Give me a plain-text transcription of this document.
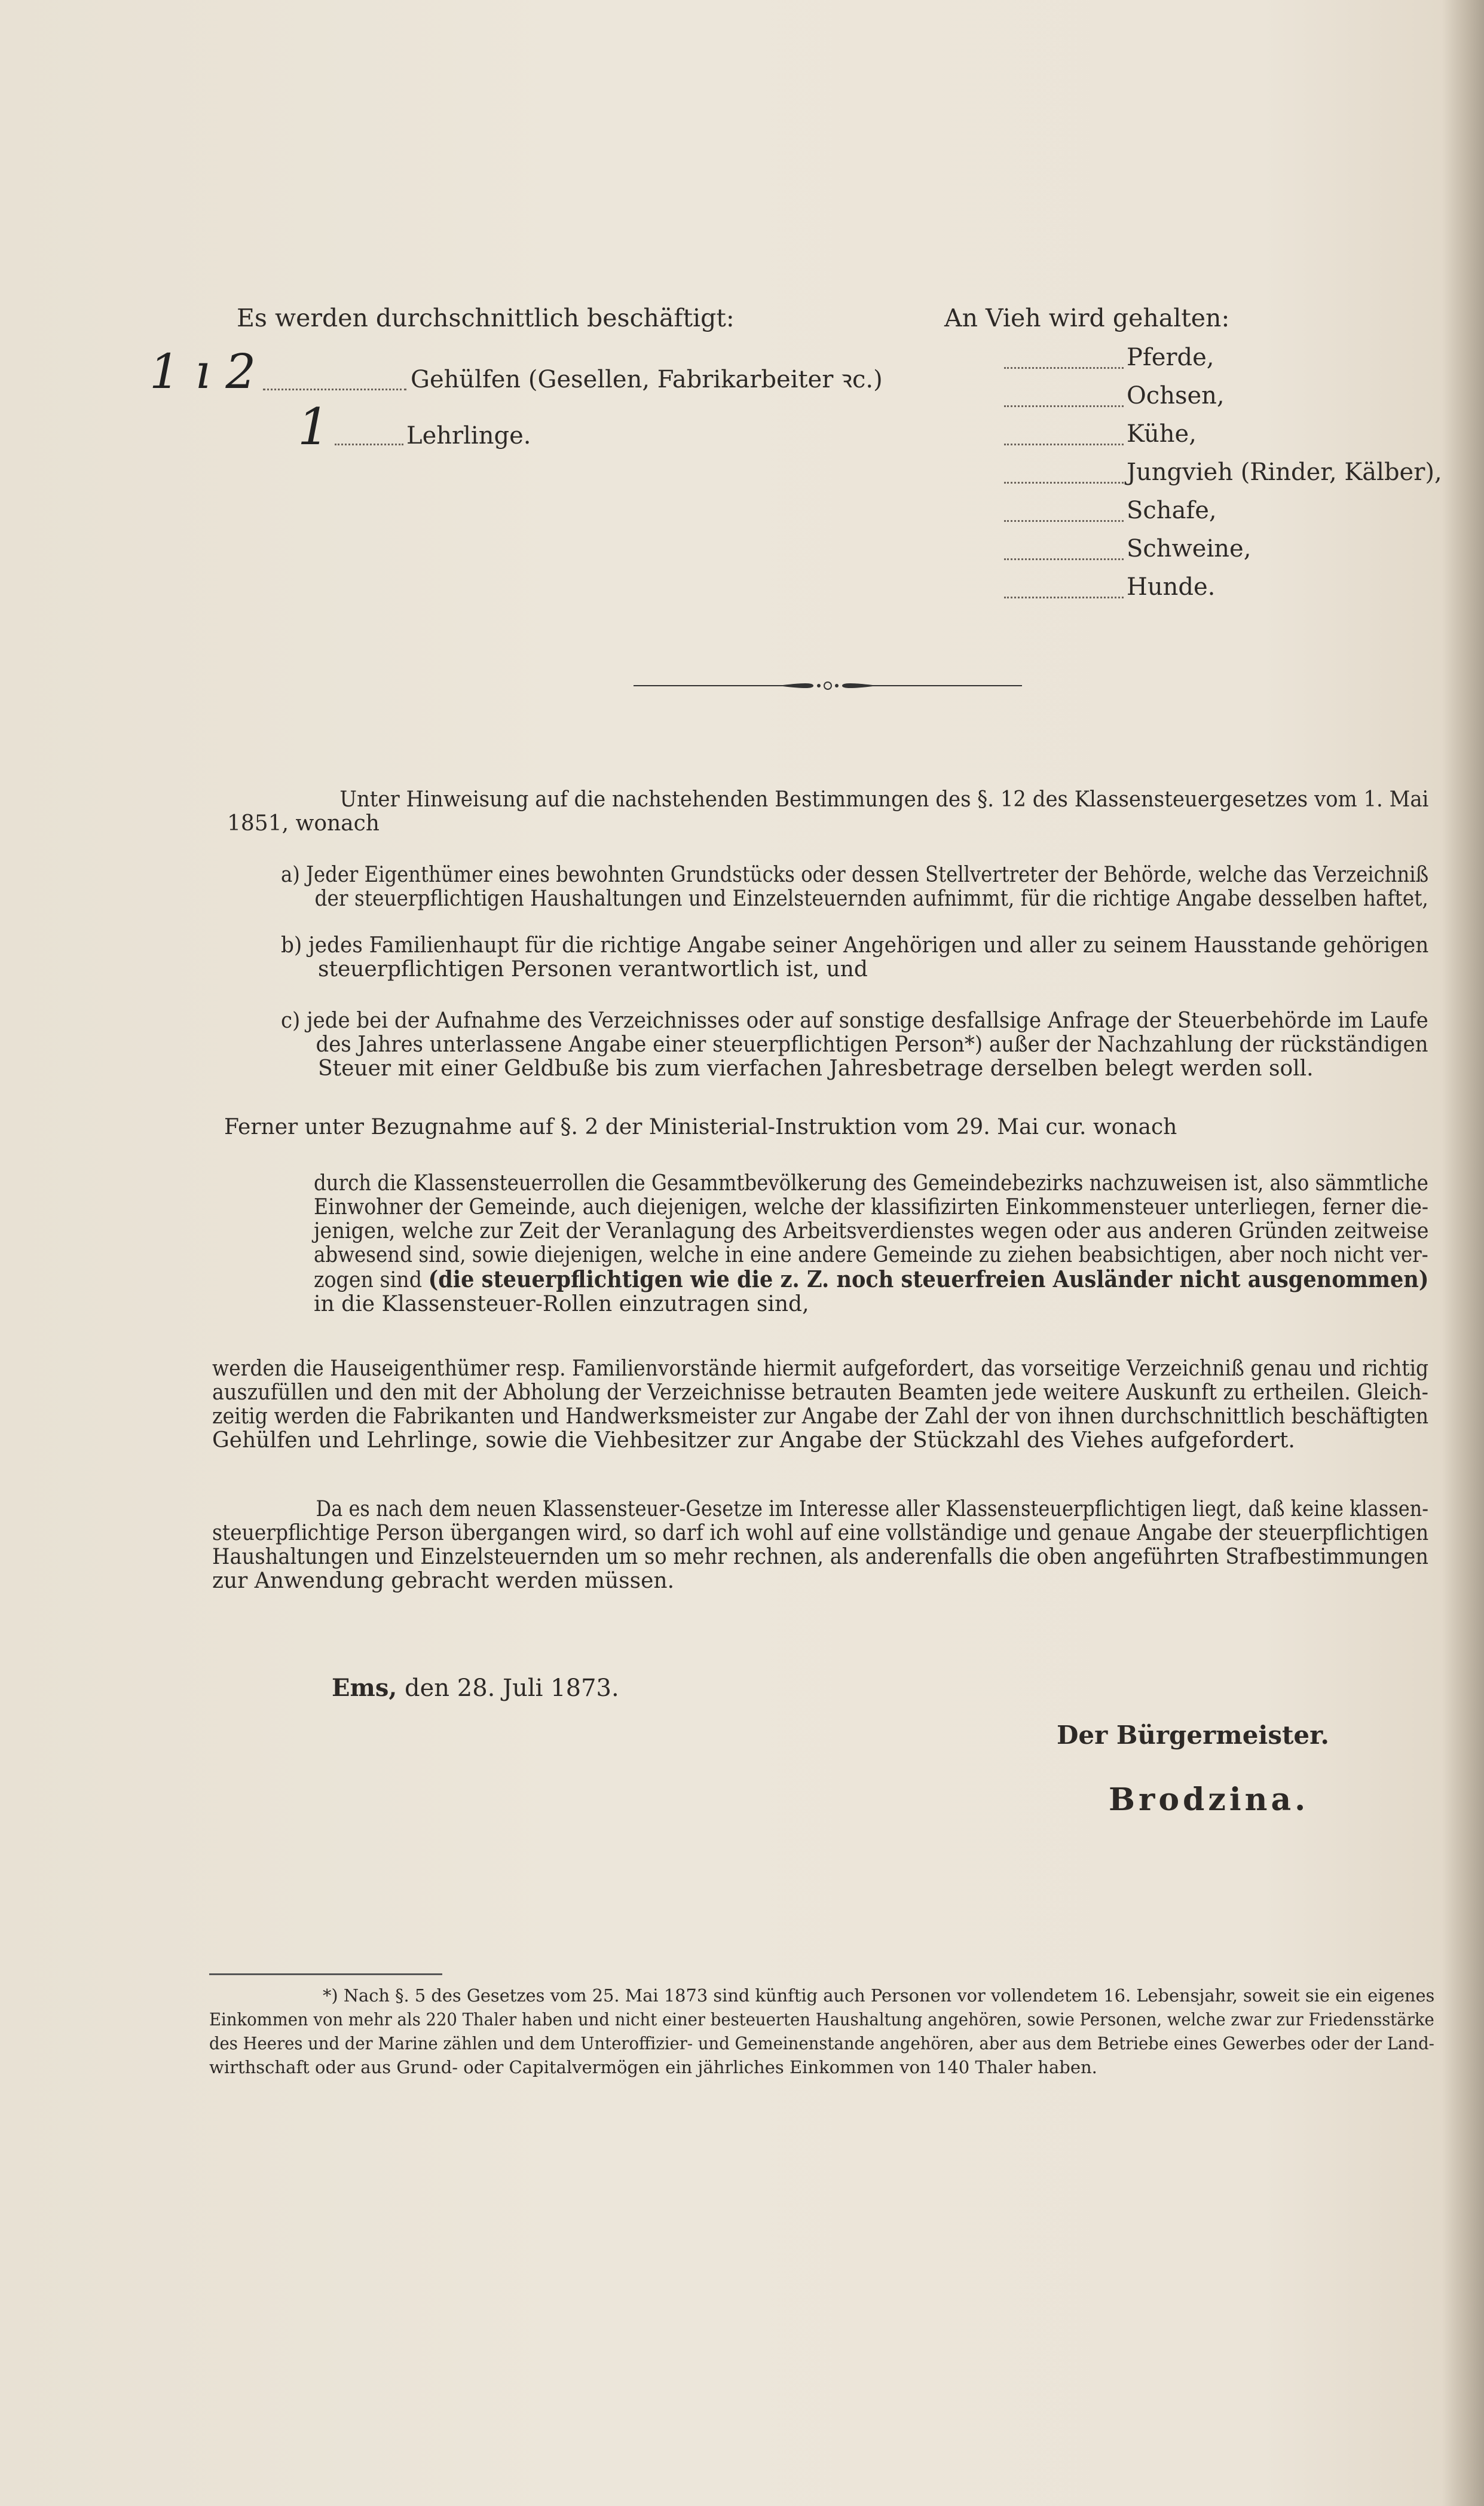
Es werden durchschnittlich beschäftigt:
1 ı 2	Gehülfen (Gesellen, Fabrikarbeiter ꝛc.)
1	Lehrlinge.
An Vieh wird gehalten:
Pferde,
Ochsen,
Kühe,
Jungvieh (Rinder, Kälber),
Schafe,
Schweine,
Hunde.
Unter Hinweisung auf die nachstehenden Bestimmungen des §. 12 des Klassensteuergesetzes vom 1. Mai
1851, wonach
a) Jeder Eigenthümer eines bewohnten Grundstücks oder dessen Stellvertreter der Behörde, welche das Verzeichniß
der steuerpflichtigen Haushaltungen und Einzelsteuernden aufnimmt, für die richtige Angabe desselben haftet,
b) jedes Familienhaupt für die richtige Angabe seiner Angehörigen und aller zu seinem Hausstande gehörigen
steuerpflichtigen Personen verantwortlich ist, und
c) jede bei der Aufnahme des Verzeichnisses oder auf sonstige desfallsige Anfrage der Steuerbehörde im Laufe
des Jahres unterlassene Angabe einer steuerpflichtigen Person*) außer der Nachzahlung der rückständigen
Steuer mit einer Geldbuße bis zum vierfachen Jahresbetrage derselben belegt werden soll.
Ferner unter Bezugnahme auf §. 2 der Ministerial-Instruktion vom 29. Mai cur. wonach
durch die Klassensteuerrollen die Gesammtbevölkerung des Gemeindebezirks nachzuweisen ist, also sämmtliche
Einwohner der Gemeinde, auch diejenigen, welche der klassifizirten Einkommensteuer unterliegen, ferner die-
jenigen, welche zur Zeit der Veranlagung des Arbeitsverdienstes wegen oder aus anderen Gründen zeitweise
abwesend sind, sowie diejenigen, welche in eine andere Gemeinde zu ziehen beabsichtigen, aber noch nicht ver-
zogen sind (die steuerpflichtigen wie die z. Z. noch steuerfreien Ausländer nicht ausgenommen)
in die Klassensteuer-Rollen einzutragen sind,
werden die Hauseigenthümer resp. Familienvorstände hiermit aufgefordert, das vorseitige Verzeichniß genau und richtig
auszufüllen und den mit der Abholung der Verzeichnisse betrauten Beamten jede weitere Auskunft zu ertheilen. Gleich-
zeitig werden die Fabrikanten und Handwerksmeister zur Angabe der Zahl der von ihnen durchschnittlich beschäftigten
Gehülfen und Lehrlinge, sowie die Viehbesitzer zur Angabe der Stückzahl des Viehes aufgefordert.
Da es nach dem neuen Klassensteuer-Gesetze im Interesse aller Klassensteuerpflichtigen liegt, daß keine klassen-
steuerpflichtige Person übergangen wird, so darf ich wohl auf eine vollständige und genaue Angabe der steuerpflichtigen
Haushaltungen und Einzelsteuernden um so mehr rechnen, als anderenfalls die oben angeführten Strafbestimmungen
zur Anwendung gebracht werden müssen.
Ems, den 28. Juli 1873.
Der Bürgermeister.
Brodzina.
*) Nach §. 5 des Gesetzes vom 25. Mai 1873 sind künftig auch Personen vor vollendetem 16. Lebensjahr, soweit sie ein eigenes
Einkommen von mehr als 220 Thaler haben und nicht einer besteuerten Haushaltung angehören, sowie Personen, welche zwar zur Friedensstärke
des Heeres und der Marine zählen und dem Unteroffizier- und Gemeinenstande angehören, aber aus dem Betriebe eines Gewerbes oder der Land-
wirthschaft oder aus Grund- oder Capitalvermögen ein jährliches Einkommen von 140 Thaler haben.
